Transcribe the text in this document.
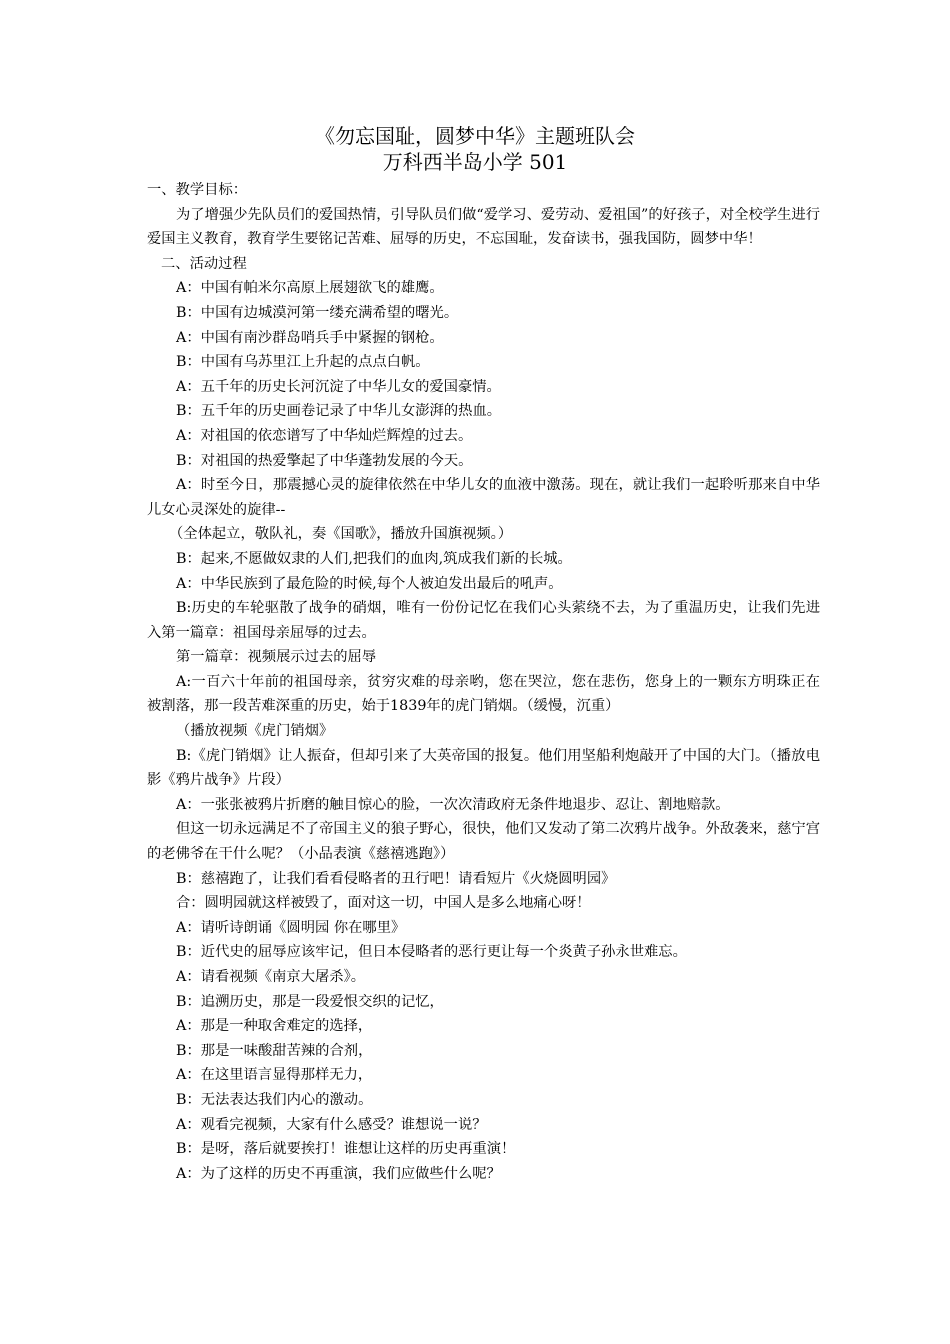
《勿忘国耻，圆梦中华》主题班队会
万科西半岛小学 501

一、教学目标：

为了增强少先队员们的爱国热情，引导队员们做“爱学习、爱劳动、爱祖国”的好孩子，对全校学生进行爱国主义教育，教育学生要铭记苦难、屈辱的历史，不忘国耻，发奋读书，强我国防，圆梦中华！

二、活动过程

A：中国有帕米尔高原上展翅欲飞的雄鹰。

B：中国有边城漠河第一缕充满希望的曙光。

A：中国有南沙群岛哨兵手中紧握的钢枪。

B：中国有乌苏里江上升起的点点白帆。

A：五千年的历史长河沉淀了中华儿女的爱国豪情。

B：五千年的历史画卷记录了中华儿女澎湃的热血。

A：对祖国的依恋谱写了中华灿烂辉煌的过去。

B：对祖国的热爱擎起了中华蓬勃发展的今天。

A：时至今日，那震撼心灵的旋律依然在中华儿女的血液中激荡。现在，就让我们一起聆听那来自中华儿女心灵深处的旋律--

（全体起立，敬队礼，奏《国歌》，播放升国旗视频。）

B：起来,不愿做奴隶的人们,把我们的血肉,筑成我们新的长城。

A：中华民族到了最危险的时候,每个人被迫发出最后的吼声。

B:历史的车轮驱散了战争的硝烟，唯有一份份记忆在我们心头萦绕不去，为了重温历史，让我们先进入第一篇章：祖国母亲屈辱的过去。

第一篇章：视频展示过去的屈辱

A:一百六十年前的祖国母亲，贫穷灾难的母亲哟，您在哭泣，您在悲伤，您身上的一颗东方明珠正在被割落，那一段苦难深重的历史，始于1839年的虎门销烟。（缓慢，沉重）

（播放视频《虎门销烟》

B:《虎门销烟》让人振奋，但却引来了大英帝国的报复。他们用坚船利炮敲开了中国的大门。（播放电影《鸦片战争》片段）

A：一张张被鸦片折磨的触目惊心的脸，一次次清政府无条件地退步、忍让、割地赔款。

但这一切永远满足不了帝国主义的狼子野心，很快，他们又发动了第二次鸦片战争。外敌袭来，慈宁宫的老佛爷在干什么呢？（小品表演《慈禧逃跑》）

B：慈禧跑了，让我们看看侵略者的丑行吧！请看短片《火烧圆明园》

合：圆明园就这样被毁了，面对这一切，中国人是多么地痛心呀！

A：请听诗朗诵《圆明园 你在哪里》

B：近代史的屈辱应该牢记，但日本侵略者的恶行更让每一个炎黄子孙永世难忘。

A：请看视频《南京大屠杀》。

B：追溯历史，那是一段爱恨交织的记忆，

A：那是一种取舍难定的选择，

B：那是一味酸甜苦辣的合剂，

A：在这里语言显得那样无力，

B：无法表达我们内心的激动。

A：观看完视频，大家有什么感受？谁想说一说？

B：是呀，落后就要挨打！谁想让这样的历史再重演！

A：为了这样的历史不再重演，我们应做些什么呢？
